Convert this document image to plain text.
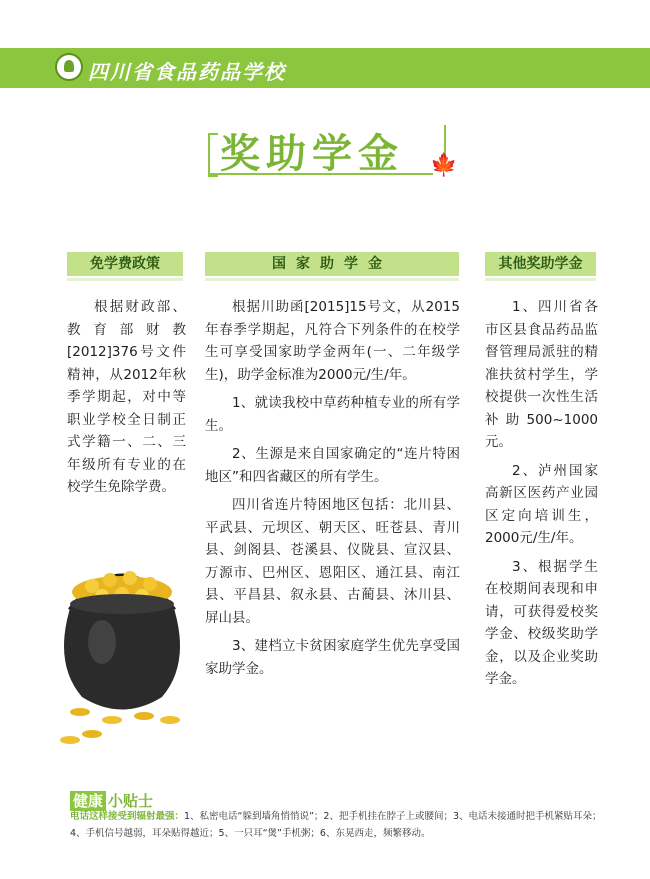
四川省食品药品学校
奖助学金 🍁
免学费政策	国家助学金	其他奖助学金

根据财政部、教育部财教[2012]376号文件精神，从2012年秋季学期起，对中等职业学校全日制正式学籍一、二、三年级所有专业的在校学生免除学费。

根据川助函[2015]15号文，从2015年春季学期起，凡符合下列条件的在校学生可享受国家助学金两年(一、二年级学生)，助学金标准为2000元/生/年。

1、就读我校中草药种植专业的所有学生。

2、生源是来自国家确定的“连片特困地区”和四省藏区的所有学生。

四川省连片特困地区包括：北川县、平武县、元坝区、朝天区、旺苍县、青川县、剑阁县、苍溪县、仪陇县、宣汉县、万源市、巴州区、恩阳区、通江县、南江县、平昌县、叙永县、古蔺县、沐川县、屏山县。

3、建档立卡贫困家庭学生优先享受国家助学金。

1、四川省各市区县食品药品监督管理局派驻的精准扶贫村学生，学校提供一次性生活补助500~1000元。

2、泸州国家高新区医药产业园区定向培训生，2000元/生/年。

3、根据学生在校期间表现和申请，可获得爱校奖学金、校级奖助学金，以及企业奖助学金。

健康 小贴士
电话这样接受到辐射最强：1、私密电话“躲到墙角悄悄说”；2、把手机挂在脖子上或腰间；3、电话未接通时把手机紧贴耳朵；
4、手机信号越弱，耳朵贴得越近；5、一只耳“煲”手机粥；6、东晃西走，频繁移动。
